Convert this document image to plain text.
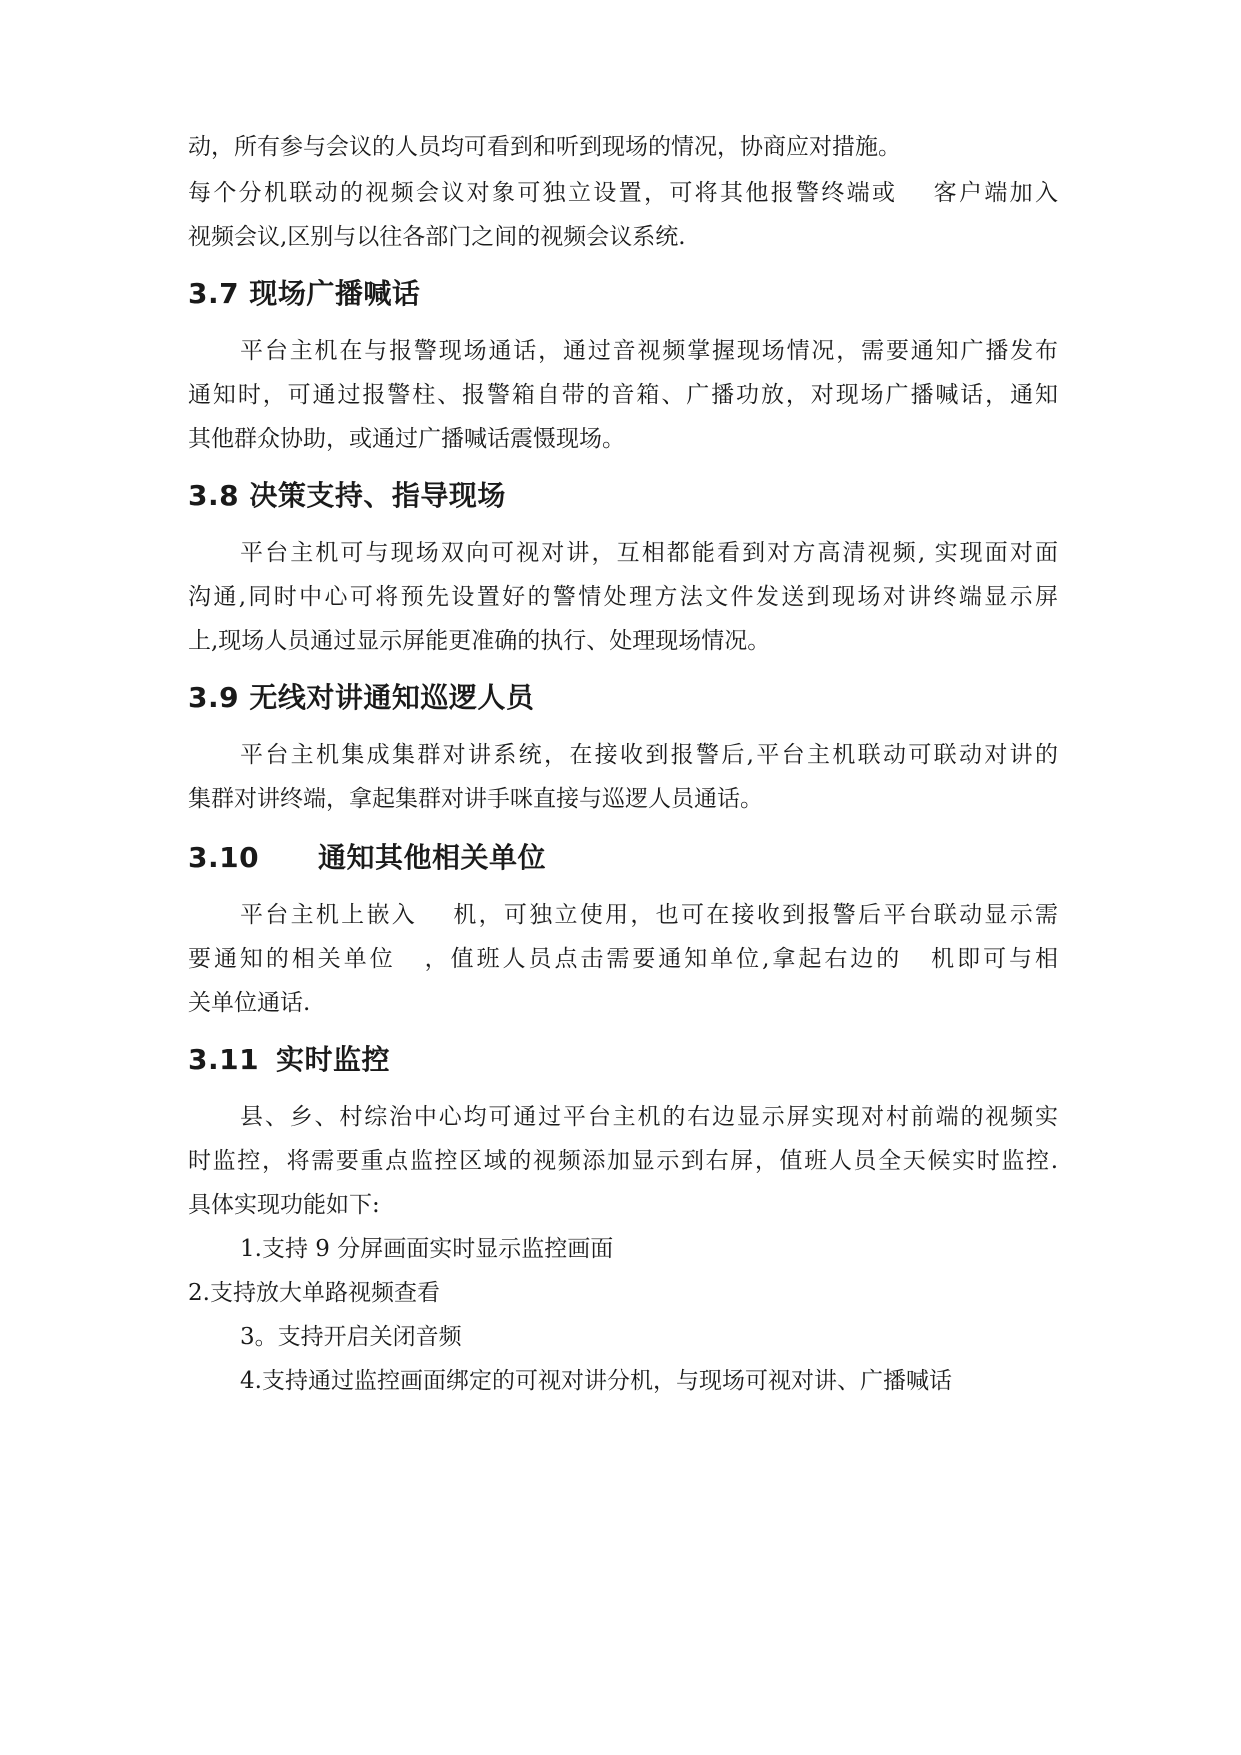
动，所有参与会议的人员均可看到和听到现场的情况，协商应对措施。
每个分机联动的视频会议对象可独立设置，可将其他报警终端或 客户端加入
视频会议,区别与以往各部门之间的视频会议系统.
3.7 现场广播喊话
平台主机在与报警现场通话，通过音视频掌握现场情况，需要通知广播发布
通知时，可通过报警柱、报警箱自带的音箱、广播功放，对现场广播喊话，通知
其他群众协助，或通过广播喊话震慑现场。
3.8 决策支持、指导现场
平台主机可与现场双向可视对讲，互相都能看到对方高清视频, 实现面对面
沟通,同时中心可将预先设置好的警情处理方法文件发送到现场对讲终端显示屏
上,现场人员通过显示屏能更准确的执行、处理现场情况。
3.9 无线对讲通知巡逻人员
平台主机集成集群对讲系统，在接收到报警后,平台主机联动可联动对讲的
集群对讲终端，拿起集群对讲手咪直接与巡逻人员通话。
3.10 通知其他相关单位
平台主机上嵌入 机，可独立使用，也可在接收到报警后平台联动显示需
要通知的相关单位 ，值班人员点击需要通知单位,拿起右边的 机即可与相
关单位通话.
3.11 实时监控
县、乡、村综治中心均可通过平台主机的右边显示屏实现对村前端的视频实
时监控，将需要重点监控区域的视频添加显示到右屏，值班人员全天候实时监控.
具体实现功能如下:
1.支持 9 分屏画面实时显示监控画面
2.支持放大单路视频查看
3。支持开启关闭音频
4.支持通过监控画面绑定的可视对讲分机，与现场可视对讲、广播喊话
